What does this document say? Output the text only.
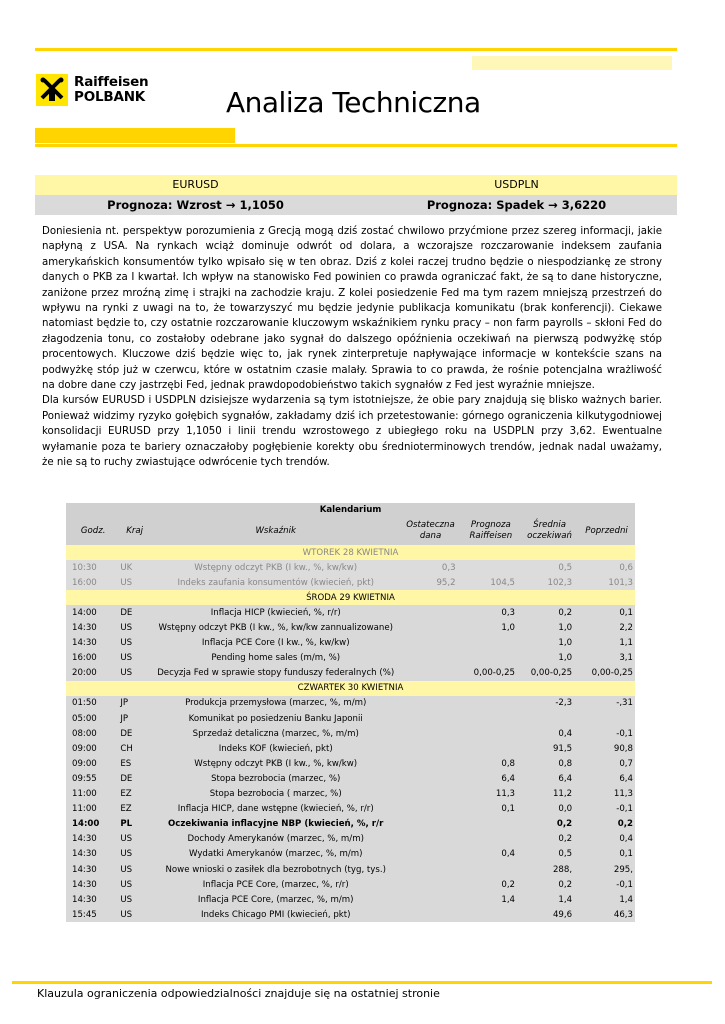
Raiffeisen
POLBANK	Analiza Techniczna
EURUSD	USDPLN
Prognoza: Wzrost → 1,1050	Prognoza: Spadek → 3,6220

Doniesienia nt. perspektyw porozumienia z Grecją mogą dziś zostać chwilowo przyćmione przez szereg informacji, jakie napłyną z USA. Na rynkach wciąż dominuje odwrót od dolara, a wczorajsze rozczarowanie indeksem zaufania amerykańskich konsumentów tylko wpisało się w ten obraz. Dziś z kolei raczej trudno będzie o niespodziankę ze strony danych o PKB za I kwartał. Ich wpływ na stanowisko Fed powinien co prawda ograniczać fakt, że są to dane historyczne, zaniżone przez mroźną zimę i strajki na zachodzie kraju. Z kolei posiedzenie Fed ma tym razem mniejszą przestrzeń do wpływu na rynki z uwagi na to, że towarzyszyć mu będzie jedynie publikacja komunikatu (brak konferencji). Ciekawe natomiast będzie to, czy ostatnie rozczarowanie kluczowym wskaźnikiem rynku pracy – non farm payrolls – skłoni Fed do złagodzenia tonu, co zostałoby odebrane jako sygnał do dalszego opóźnienia oczekiwań na pierwszą podwyżkę stóp procentowych. Kluczowe dziś będzie więc to, jak rynek zinterpretuje napływające informacje w kontekście szans na podwyżkę stóp już w czerwcu, które w ostatnim czasie malały. Sprawia to co prawda, że rośnie potencjalna wrażliwość na dobre dane czy jastrzębi Fed, jednak prawdopodobieństwo takich sygnałów z Fed jest wyraźnie mniejsze.

Dla kursów EURUSD i USDPLN dzisiejsze wydarzenia są tym istotniejsze, że obie pary znajdują się blisko ważnych barier. Ponieważ widzimy ryzyko gołębich sygnałów, zakładamy dziś ich przetestowanie: górnego ograniczenia kilkutygodniowej konsolidacji EURUSD przy 1,1050 i linii trendu wzrostowego z ubiegłego roku na USDPLN przy 3,62. Ewentualne wyłamanie poza te bariery oznaczałoby pogłębienie korekty obu średnioterminowych trendów, jednak nadal uważamy, że nie są to ruchy zwiastujące odwrócenie tych trendów.

Kalendarium						
Godz.	Kraj	Wskaźnik	Ostateczna dana	Prognoza Raiffeisen	Średnia oczekiwań	Poprzedni
WTOREK 28 KWIETNIA						
10:30	UK	Wstępny odczyt PKB (I kw., %, kw/kw)	0,3		0,5	0,6
16:00	US	Indeks zaufania konsumentów (kwiecień, pkt)	95,2	104,5	102,3	101,3
ŚRODA 29 KWIETNIA						
14:00	DE	Inflacja HICP (kwiecień, %, r/r)		0,3	0,2	0,1
14:30	US	Wstępny odczyt PKB (I kw., %, kw/kw zannualizowane)		1,0	1,0	2,2
14:30	US	Inflacja PCE Core (I kw., %, kw/kw)			1,0	1,1
16:00	US	Pending home sales (m/m, %)			1,0	3,1
20:00	US	Decyzja Fed w sprawie stopy funduszy federalnych (%)		0,00-0,25	0,00-0,25	0,00-0,25
CZWARTEK 30 KWIETNIA						
01:50	JP	Produkcja przemysłowa (marzec, %, m/m)			-2,3	-,31
05:00	JP	Komunikat po posiedzeniu Banku Japonii				
08:00	DE	Sprzedaż detaliczna (marzec, %, m/m)			0,4	-0,1
09:00	CH	Indeks KOF (kwiecień, pkt)			91,5	90,8
09:00	ES	Wstępny odczyt PKB (I kw., %, kw/kw)		0,8	0,8	0,7
09:55	DE	Stopa bezrobocia (marzec, %)		6,4	6,4	6,4
11:00	EZ	Stopa bezrobocia ( marzec, %)		11,3	11,2	11,3
11:00	EZ	Inflacja HICP, dane wstępne (kwiecień, %, r/r)		0,1	0,0	-0,1
14:00	PL	Oczekiwania inflacyjne NBP (kwiecień, %, r/r			0,2	0,2
14:30	US	Dochody Amerykanów (marzec, %, m/m)			0,2	0,4
14:30	US	Wydatki Amerykanów (marzec, %, m/m)		0,4	0,5	0,1
14:30	US	Nowe wnioski o zasiłek dla bezrobotnych (tyg, tys.)			288,	295,
14:30	US	Inflacja PCE Core, (marzec, %, r/r)		0,2	0,2	-0,1
14:30	US	Inflacja PCE Core, (marzec, %, m/m)		1,4	1,4	1,4
15:45	US	Indeks Chicago PMI (kwiecień, pkt)			49,6	46,3
Klauzula ograniczenia odpowiedzialności znajduje się na ostatniej stronie
